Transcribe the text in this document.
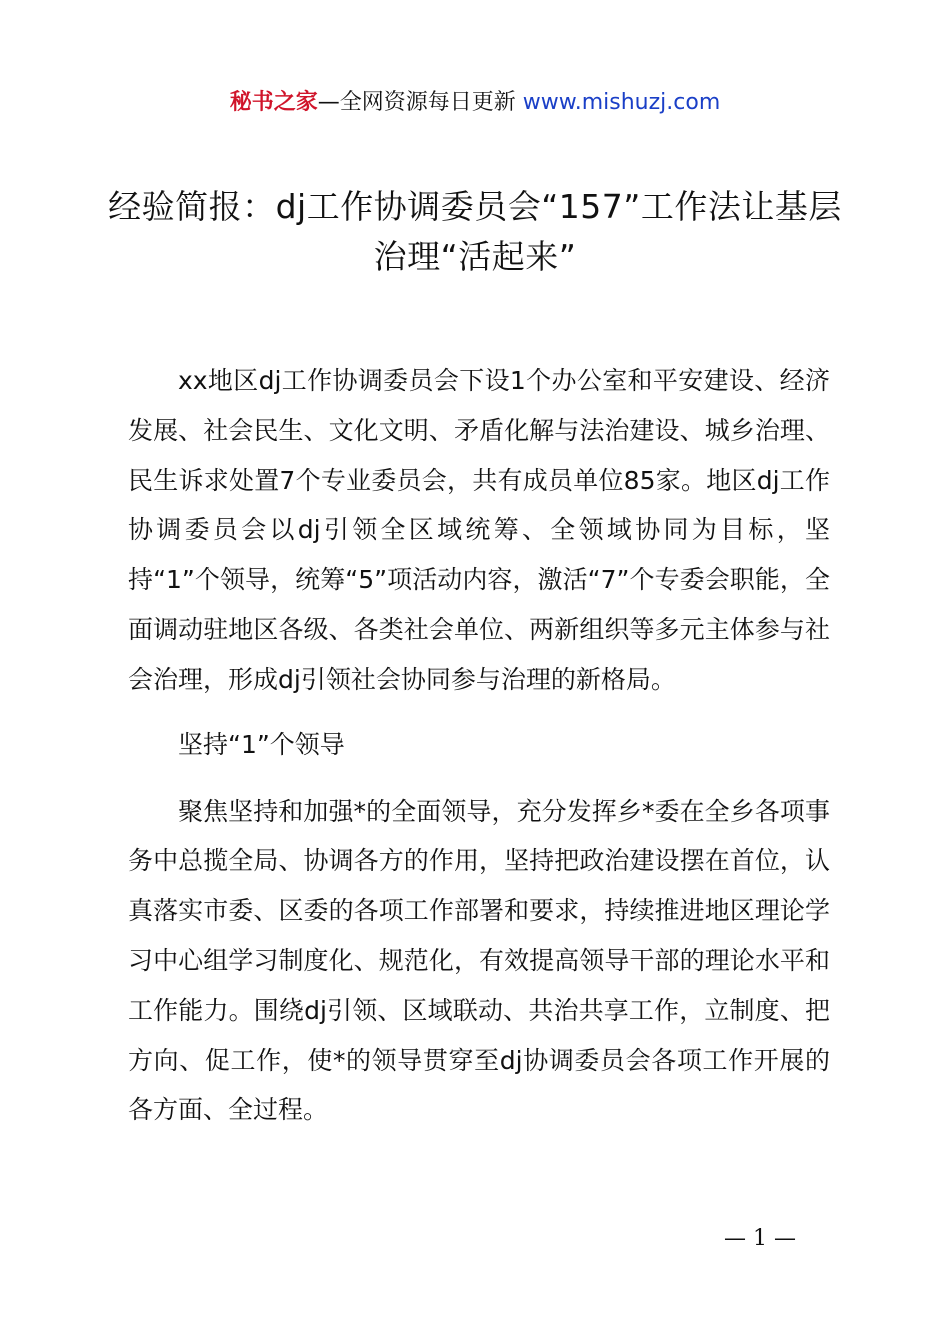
秘书之家—全网资源每日更新 www.mishuzj.com
经验简报：dj工作协调委员会“157”工作法让基层治理“活起来”

xx地区dj工作协调委员会下设1个办公室和平安建设、经济发展、社会民生、文化文明、矛盾化解与法治建设、城乡治理、民生诉求处置7个专业委员会，共有成员单位85家。地区dj工作协调委员会以dj引领全区域统筹、全领域协同为目标，坚持“1”个领导，统筹“5”项活动内容，激活“7”个专委会职能，全面调动驻地区各级、各类社会单位、两新组织等多元主体参与社会治理，形成dj引领社会协同参与治理的新格局。

坚持“1”个领导

聚焦坚持和加强*的全面领导，充分发挥乡*委在全乡各项事务中总揽全局、协调各方的作用，坚持把政治建设摆在首位，认真落实市委、区委的各项工作部署和要求，持续推进地区理论学习中心组学习制度化、规范化，有效提高领导干部的理论水平和工作能力。围绕dj引领、区域联动、共治共享工作，立制度、把方向、促工作，使*的领导贯穿至dj协调委员会各项工作开展的各方面、全过程。

— 1 —
